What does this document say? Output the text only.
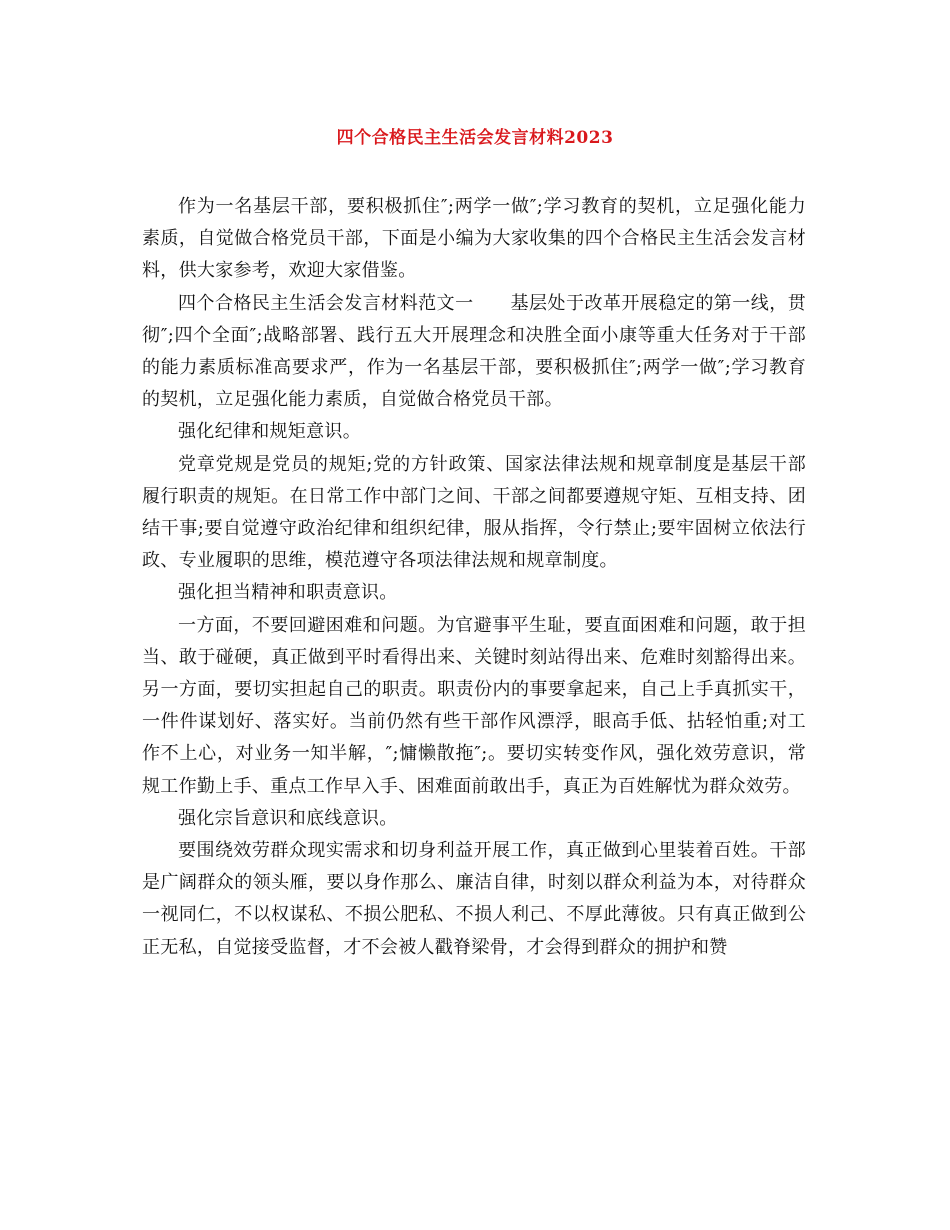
四个合格民主生活会发言材料2023

作为一名基层干部，要积极抓住″;两学一做″;学习教育的契机，立足强化能力素质，自觉做合格党员干部，下面是小编为大家收集的四个合格民主生活会发言材料，供大家参考，欢迎大家借鉴。

四个合格民主生活会发言材料范文一　　基层处于改革开展稳定的第一线，贯彻″;四个全面″;战略部署、践行五大开展理念和决胜全面小康等重大任务对于干部的能力素质标准高要求严，作为一名基层干部，要积极抓住″;两学一做″;学习教育的契机，立足强化能力素质，自觉做合格党员干部。

强化纪律和规矩意识。

党章党规是党员的规矩;党的方针政策、国家法律法规和规章制度是基层干部履行职责的规矩。在日常工作中部门之间、干部之间都要遵规守矩、互相支持、团结干事;要自觉遵守政治纪律和组织纪律，服从指挥，令行禁止;要牢固树立依法行政、专业履职的思维，模范遵守各项法律法规和规章制度。

强化担当精神和职责意识。

一方面，不要回避困难和问题。为官避事平生耻，要直面困难和问题，敢于担当、敢于碰硬，真正做到平时看得出来、关键时刻站得出来、危难时刻豁得出来。另一方面，要切实担起自己的职责。职责份内的事要拿起来，自己上手真抓实干，一件件谋划好、落实好。当前仍然有些干部作风漂浮，眼高手低、拈轻怕重;对工作不上心，对业务一知半解，″;慵懒散拖″;。要切实转变作风，强化效劳意识，常规工作勤上手、重点工作早入手、困难面前敢出手，真正为百姓解忧为群众效劳。

强化宗旨意识和底线意识。

要围绕效劳群众现实需求和切身利益开展工作，真正做到心里装着百姓。干部是广阔群众的领头雁，要以身作那么、廉洁自律，时刻以群众利益为本，对待群众一视同仁，不以权谋私、不损公肥私、不损人利己、不厚此薄彼。只有真正做到公正无私，自觉接受监督，才不会被人戳脊梁骨，才会得到群众的拥护和赞
